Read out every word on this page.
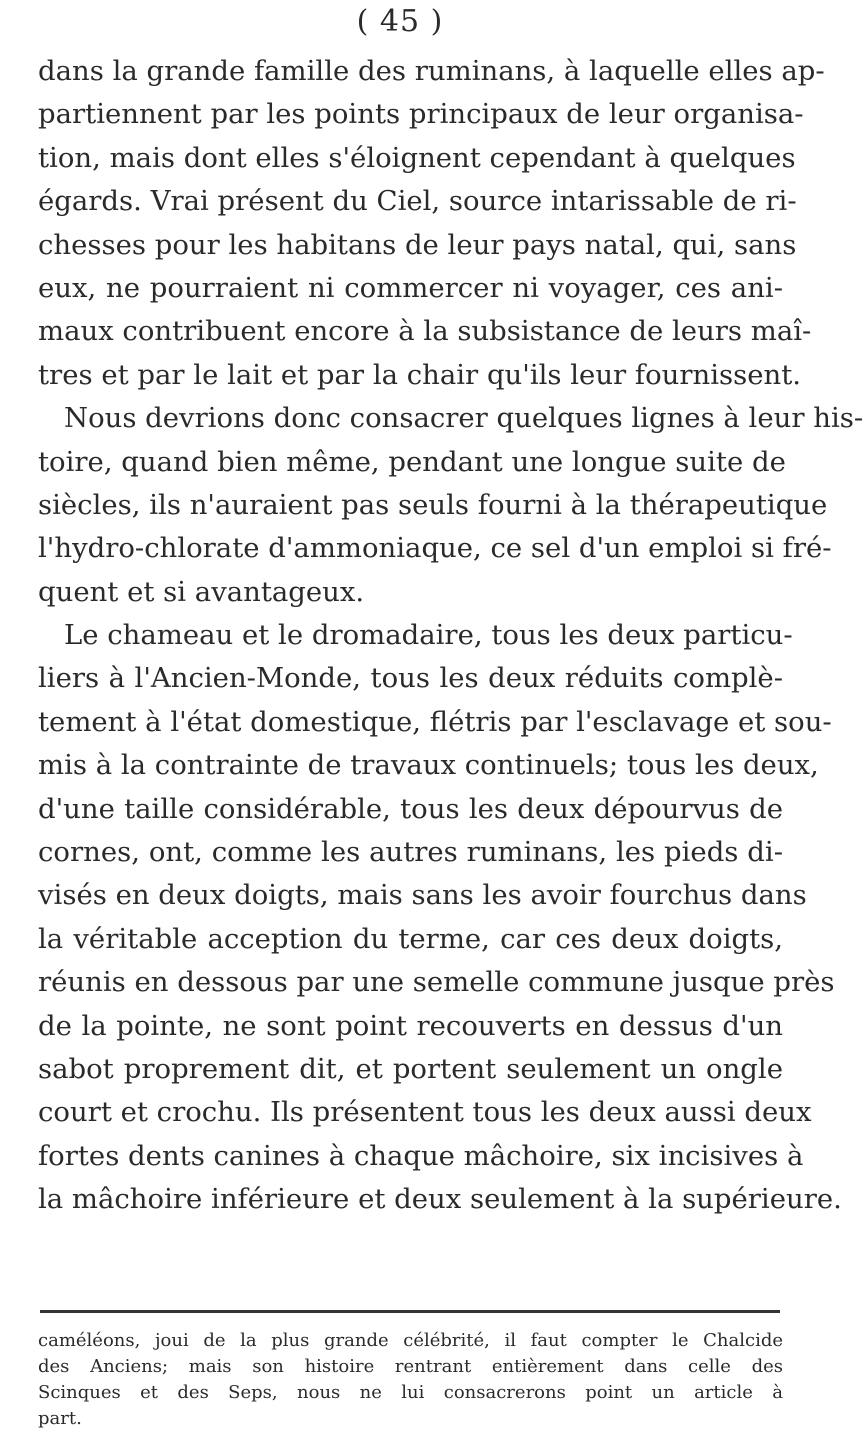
( 45 )
dans la grande famille des ruminans, à laquelle elles ap-
partiennent par les points principaux de leur organisa-
tion, mais dont elles s'éloignent cependant à quelques
égards. Vrai présent du Ciel, source intarissable de ri-
chesses pour les habitans de leur pays natal, qui, sans
eux, ne pourraient ni commercer ni voyager, ces ani-
maux contribuent encore à la subsistance de leurs maî-
tres et par le lait et par la chair qu'ils leur fournissent.
Nous devrions donc consacrer quelques lignes à leur his-
toire, quand bien même, pendant une longue suite de
siècles, ils n'auraient pas seuls fourni à la thérapeutique
l'hydro-chlorate d'ammoniaque, ce sel d'un emploi si fré-
quent et si avantageux.
Le chameau et le dromadaire, tous les deux particu-
liers à l'Ancien-Monde, tous les deux réduits complè-
tement à l'état domestique, flétris par l'esclavage et sou-
mis à la contrainte de travaux continuels; tous les deux,
d'une taille considérable, tous les deux dépourvus de
cornes, ont, comme les autres ruminans, les pieds di-
visés en deux doigts, mais sans les avoir fourchus dans
la véritable acception du terme, car ces deux doigts,
réunis en dessous par une semelle commune jusque près
de la pointe, ne sont point recouverts en dessus d'un
sabot proprement dit, et portent seulement un ongle
court et crochu. Ils présentent tous les deux aussi deux
fortes dents canines à chaque mâchoire, six incisives à
la mâchoire inférieure et deux seulement à la supérieure.
caméléons, joui de la plus grande célébrité, il faut compter le Chalcide
des Anciens; mais son histoire rentrant entièrement dans celle des
Scinques et des Seps, nous ne lui consacrerons point un article à
part.
